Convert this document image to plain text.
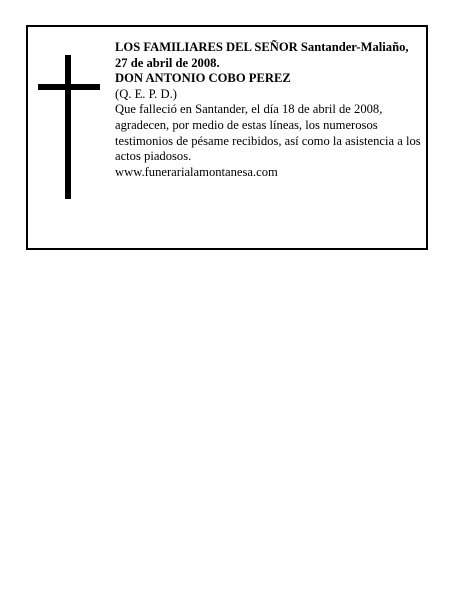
LOS FAMILIARES DEL SEÑOR Santander-Maliaño, 27 de abril de 2008.

DON ANTONIO COBO PEREZ

(Q. E. P. D.)

Que falleció en Santander, el día 18 de abril de 2008, agradecen, por medio de estas líneas, los numerosos testimonios de pésame recibidos, así como la asistencia a los actos piadosos.

www.funerarialamontanesa.com
